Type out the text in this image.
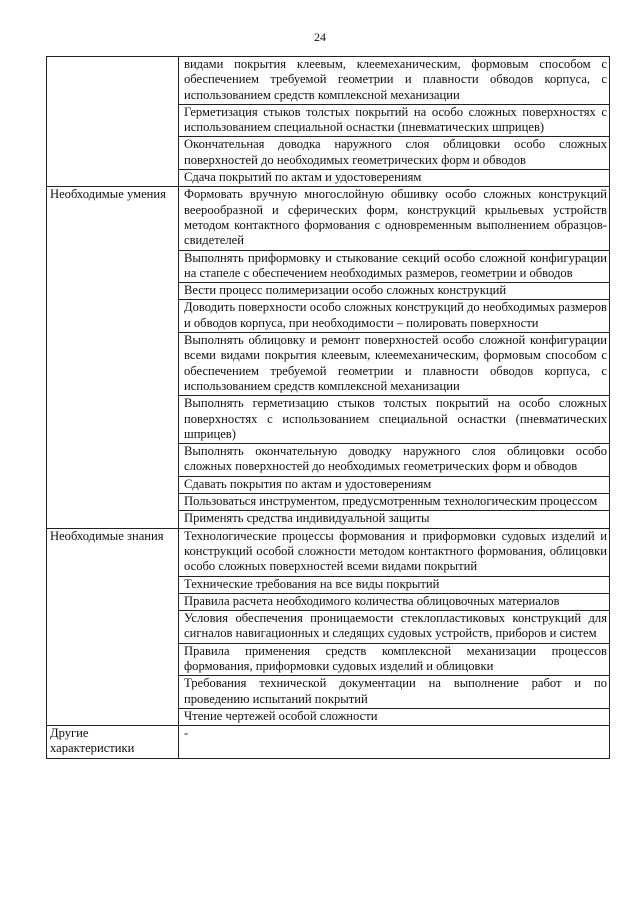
24
	видами покрытия клеевым, клеемеханическим, формовым способом с обеспечением требуемой геометрии и плавности обводов корпуса, с использованием средств комплексной механизации
	Герметизация стыков толстых покрытий на особо сложных поверхностях с использованием специальной оснастки (пневматических шприцев)
	Окончательная доводка наружного слоя облицовки особо сложных поверхностей до необходимых геометрических форм и обводов
	Сдача покрытий по актам и удостоверениям
Необходимые умения	Формовать вручную многослойную обшивку особо сложных конструкций веерообразной и сферических форм, конструкций крыльевых устройств методом контактного формования с одновременным выполнением образцов-свидетелей
	Выполнять приформовку и стыкование секций особо сложной конфигурации на стапеле с обеспечением необходимых размеров, геометрии и обводов
	Вести процесс полимеризации особо сложных конструкций
	Доводить поверхности особо сложных конструкций до необходимых размеров и обводов корпуса, при необходимости – полировать поверхности
	Выполнять облицовку и ремонт поверхностей особо сложной конфигурации всеми видами покрытия клеевым, клеемеханическим, формовым способом с обеспечением требуемой геометрии и плавности обводов корпуса, с использованием средств комплексной механизации
	Выполнять герметизацию стыков толстых покрытий на особо сложных поверхностях с использованием специальной оснастки (пневматических шприцев)
	Выполнять окончательную доводку наружного слоя облицовки особо сложных поверхностей до необходимых геометрических форм и обводов
	Сдавать покрытия по актам и удостоверениям
	Пользоваться инструментом, предусмотренным технологическим процессом
	Применять средства индивидуальной защиты
Необходимые знания	Технологические процессы формования и приформовки судовых изделий и конструкций особой сложности методом контактного формования, облицовки особо сложных поверхностей всеми видами покрытий
	Технические требования на все виды покрытий
	Правила расчета необходимого количества облицовочных материалов
	Условия обеспечения проницаемости стеклопластиковых конструкций для сигналов навигационных и следящих судовых устройств, приборов и систем
	Правила применения средств комплексной механизации процессов формования, приформовки судовых изделий и облицовки
	Требования технической документации на выполнение работ и по проведению испытаний покрытий
	Чтение чертежей особой сложности
Другие характеристики	-
